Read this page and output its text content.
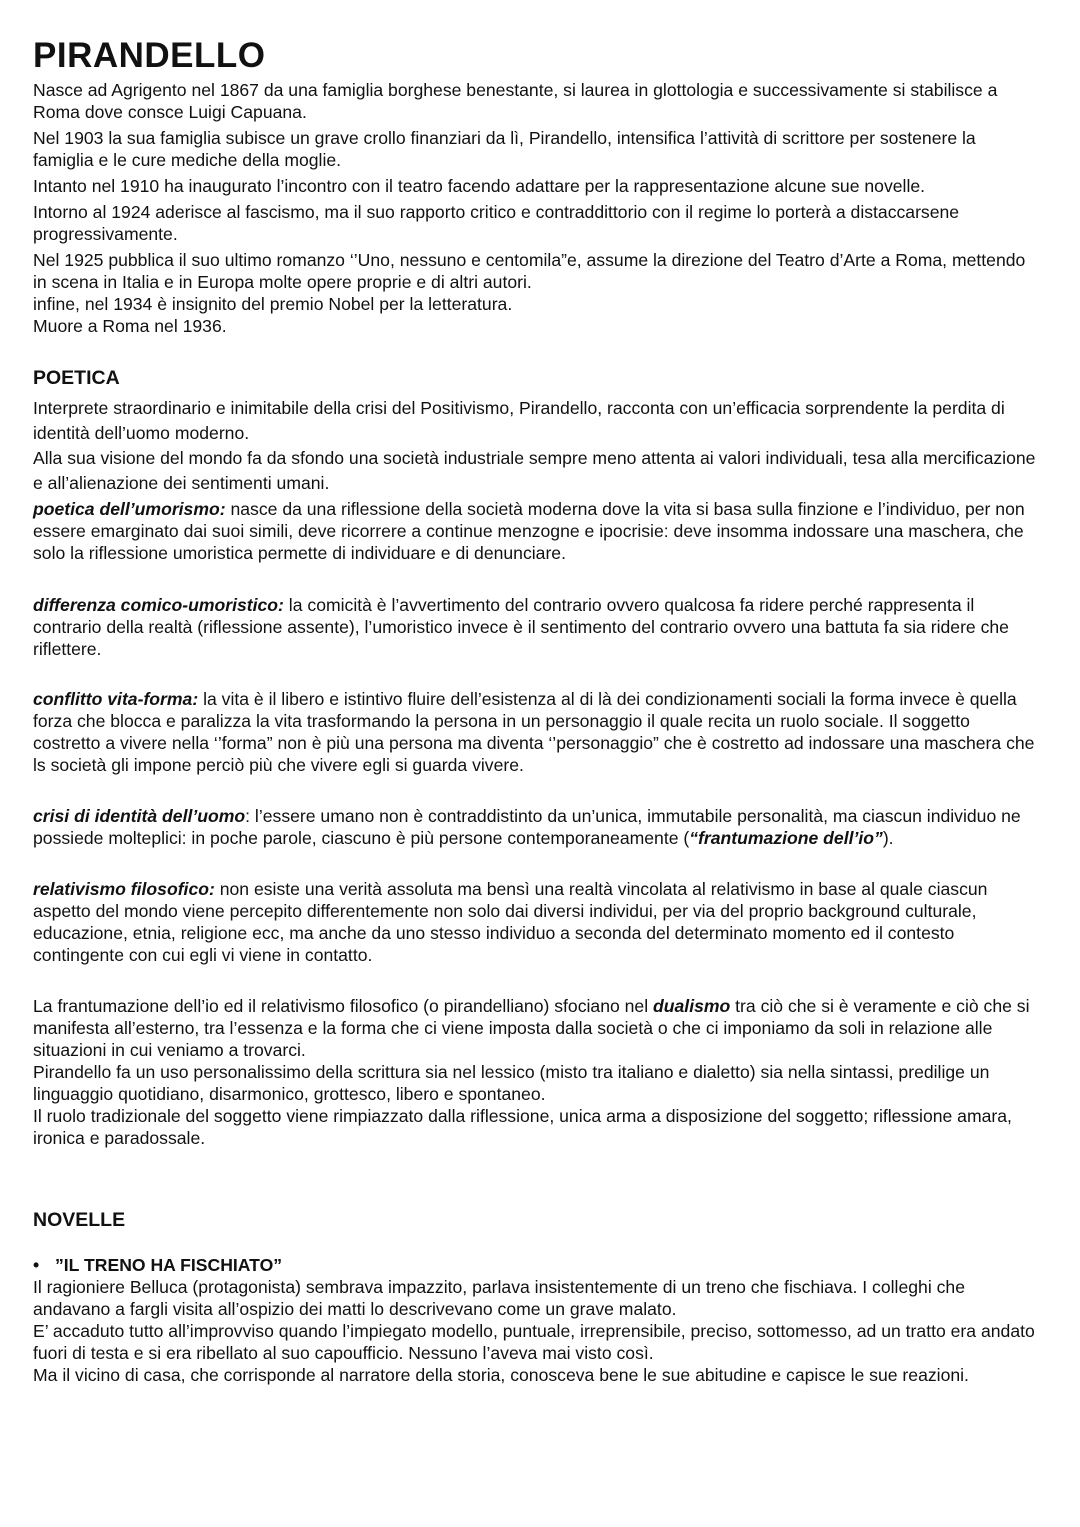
PIRANDELLO

Nasce ad Agrigento nel 1867 da una famiglia borghese benestante, si laurea in glottologia e successivamente si stabilisce a Roma dove consce Luigi Capuana.

Nel 1903 la sua famiglia subisce un grave crollo finanziari da lì, Pirandello, intensifica l’attività di scrittore per sostenere la famiglia e le cure mediche della moglie.

Intanto nel 1910 ha inaugurato l’incontro con il teatro facendo adattare per la rappresentazione alcune sue novelle.

Intorno al 1924 aderisce al fascismo, ma il suo rapporto critico e contraddittorio con il regime lo porterà a distaccarsene progressivamente.

Nel 1925 pubblica il suo ultimo romanzo ‘’Uno, nessuno e centomila”e, assume la direzione del Teatro d’Arte a Roma, mettendo in scena in Italia e in Europa molte opere proprie e di altri autori.

infine, nel 1934 è insignito del premio Nobel per la letteratura.

Muore a Roma nel 1936.

POETICA

Interprete straordinario e inimitabile della crisi del Positivismo, Pirandello, racconta con un’efficacia sorprendente la perdita di identità dell’uomo moderno.

Alla sua visione del mondo fa da sfondo una società industriale sempre meno attenta ai valori individuali, tesa alla mercificazione e all’alienazione dei sentimenti umani.

poetica dell’umorismo: nasce da una riflessione della società moderna dove la vita si basa sulla finzione e l’individuo, per non essere emarginato dai suoi simili, deve ricorrere a continue menzogne e ipocrisie: deve insomma indossare una maschera, che solo la riflessione umoristica permette di individuare e di denunciare.

differenza comico-umoristico: la comicità è l’avvertimento del contrario ovvero qualcosa fa ridere perché rappresenta il contrario della realtà (riflessione assente), l’umoristico invece è il sentimento del contrario ovvero una battuta fa sia ridere che riflettere.

conflitto vita-forma: la vita è il libero e istintivo fluire dell’esistenza al di là dei condizionamenti sociali la forma invece è quella forza che blocca e paralizza la vita trasformando la persona in un personaggio il quale recita un ruolo sociale. Il soggetto costretto a vivere nella ‘’forma” non è più una persona ma diventa ‘’personaggio” che è costretto ad indossare una maschera che ls società gli impone perciò più che vivere egli si guarda vivere.

crisi di identità dell’uomo: l’essere umano non è contraddistinto da un’unica, immutabile personalità, ma ciascun individuo ne possiede molteplici: in poche parole, ciascuno è più persone contemporaneamente (“frantumazione dell’io”).

relativismo filosofico: non esiste una verità assoluta ma bensì una realtà vincolata al relativismo in base al quale ciascun aspetto del mondo viene percepito differentemente non solo dai diversi individui, per via del proprio background culturale, educazione, etnia, religione ecc, ma anche da uno stesso individuo a seconda del determinato momento ed il contesto contingente con cui egli vi viene in contatto.

La frantumazione dell’io ed il relativismo filosofico (o pirandelliano) sfociano nel dualismo tra ciò che si è veramente e ciò che si manifesta all’esterno, tra l’essenza e la forma che ci viene imposta dalla società o che ci imponiamo da soli in relazione alle situazioni in cui veniamo a trovarci.

Pirandello fa un uso personalissimo della scrittura sia nel lessico (misto tra italiano e dialetto) sia nella sintassi, predilige un linguaggio quotidiano, disarmonico, grottesco, libero e spontaneo.

Il ruolo tradizionale del soggetto viene rimpiazzato dalla riflessione, unica arma a disposizione del soggetto; riflessione amara, ironica e paradossale.

NOVELLE

• ”IL TRENO HA FISCHIATO”

Il ragioniere Belluca (protagonista) sembrava impazzito, parlava insistentemente di un treno che fischiava. I colleghi che andavano a fargli visita all’ospizio dei matti lo descrivevano come un grave malato.

E’ accaduto tutto all’improvviso quando l’impiegato modello, puntuale, irreprensibile, preciso, sottomesso, ad un tratto era andato fuori di testa e si era ribellato al suo capoufficio. Nessuno l’aveva mai visto così.

Ma il vicino di casa, che corrisponde al narratore della storia, conosceva bene le sue abitudine e capisce le sue reazioni.
